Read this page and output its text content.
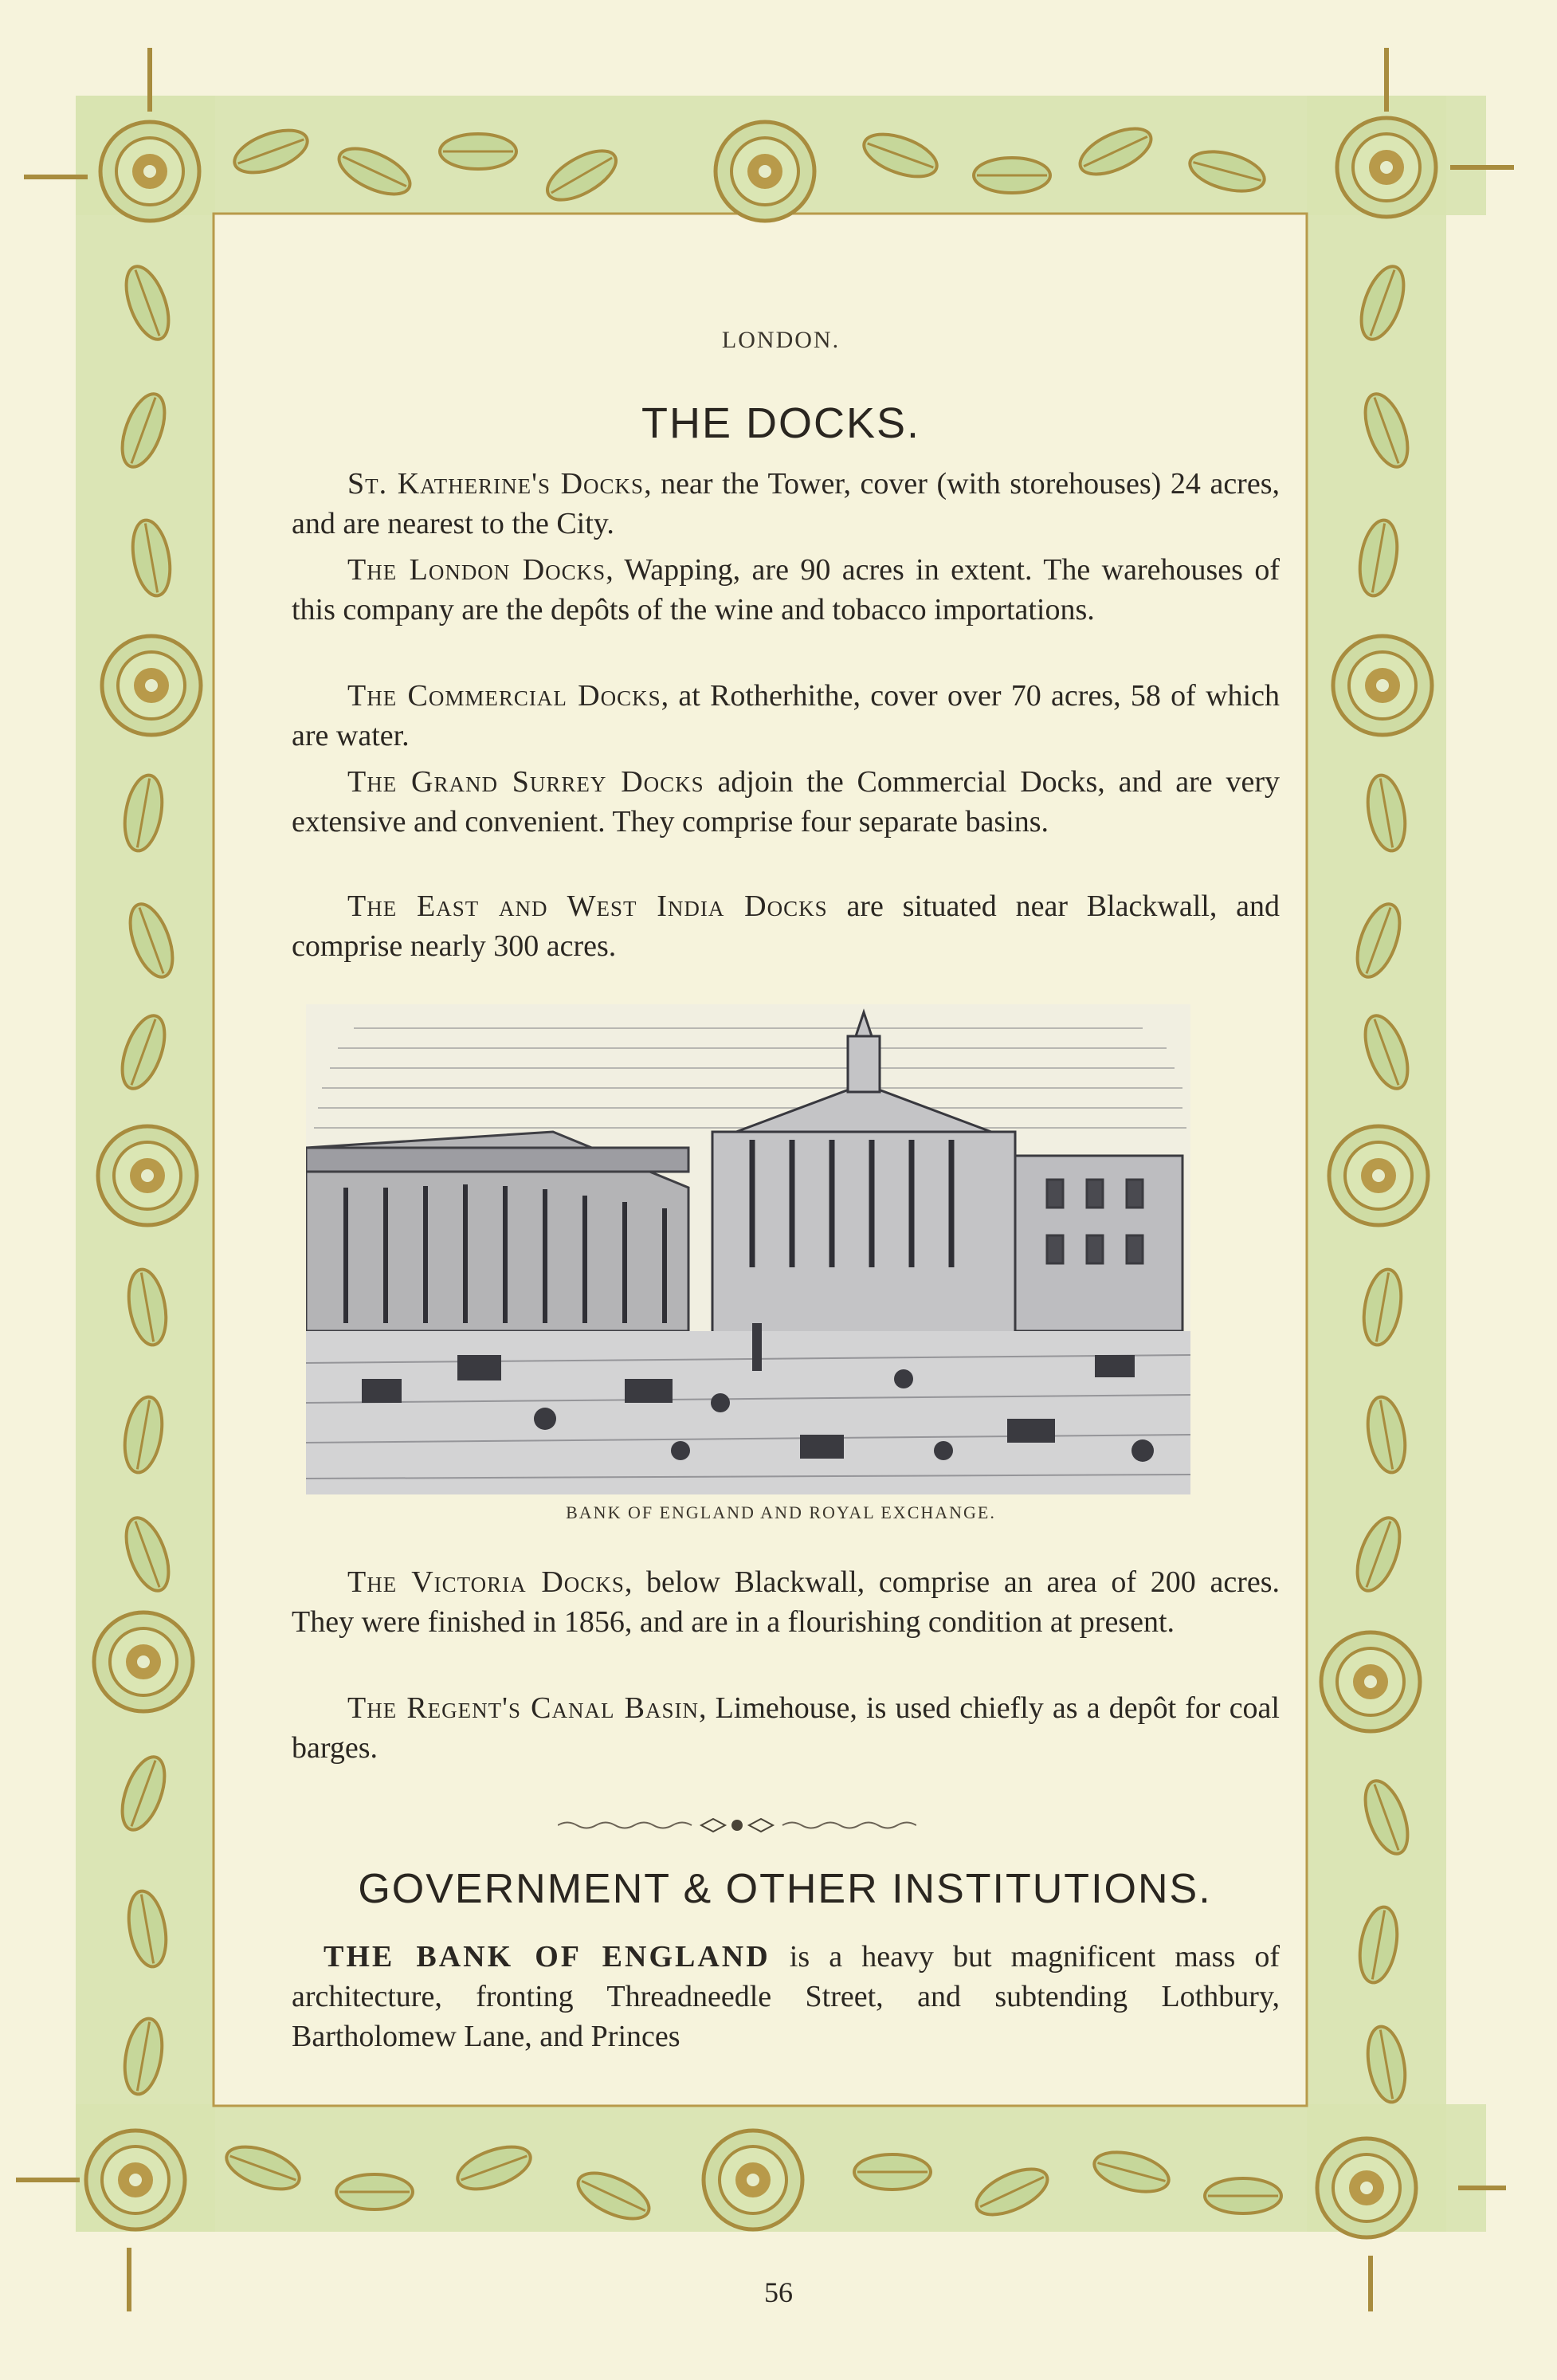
LONDON.
THE DOCKS.

St. Katherine's Docks, near the Tower, cover (with storehouses) 24 acres, and are nearest to the City.

The London Docks, Wapping, are 90 acres in extent. The warehouses of this company are the depôts of the wine and tobacco importations.

The Commercial Docks, at Rotherhithe, cover over 70 acres, 58 of which are water.

The Grand Surrey Docks adjoin the Commercial Docks, and are very extensive and convenient. They comprise four separate basins.

The East and West India Docks are situated near Blackwall, and comprise nearly 300 acres.

BANK OF ENGLAND AND ROYAL EXCHANGE.

The Victoria Docks, below Blackwall, comprise an area of 200 acres. They were finished in 1856, and are in a flourishing condition at present.

The Regent's Canal Basin, Limehouse, is used chiefly as a depôt for coal barges.

GOVERNMENT & OTHER INSTITUTIONS.

THE BANK OF ENGLAND is a heavy but magnificent mass of architecture, fronting Threadneedle Street, and subtending Lothbury, Bartholomew Lane, and Princes

56
